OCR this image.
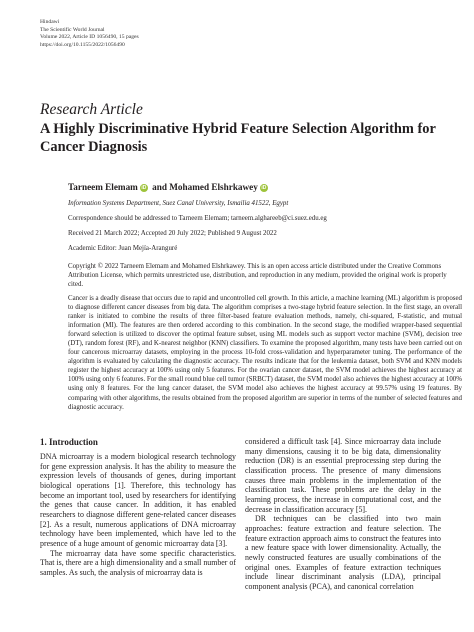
Hindawi
The Scientific World Journal
Volume 2022, Article ID 1056490, 15 pages
https://doi.org/10.1155/2022/1056490
Research Article
A Highly Discriminative Hybrid Feature Selection Algorithm for Cancer Diagnosis
Tarneem Elemam iD and Mohamed Elshrkawey iD
Information Systems Department, Suez Canal University, Ismailia 41522, Egypt
Correspondence should be addressed to Tarneem Elemam; tarneem.alghareeb@ci.suez.edu.eg
Received 21 March 2022; Accepted 20 July 2022; Published 9 August 2022
Academic Editor: Juan Mejía-Aranguré
Copyright © 2022 Tarneem Elemam and Mohamed Elshrkawey. This is an open access article distributed under the Creative Commons Attribution License, which permits unrestricted use, distribution, and reproduction in any medium, provided the original work is properly cited.
Cancer is a deadly disease that occurs due to rapid and uncontrolled cell growth. In this article, a machine learning (ML) algorithm is proposed to diagnose different cancer diseases from big data. The algorithm comprises a two-stage hybrid feature selection. In the first stage, an overall ranker is initiated to combine the results of three filter-based feature evaluation methods, namely, chi-squared, F-statistic, and mutual information (MI). The features are then ordered according to this combination. In the second stage, the modified wrapper-based sequential forward selection is utilized to discover the optimal feature subset, using ML models such as support vector machine (SVM), decision tree (DT), random forest (RF), and K-nearest neighbor (KNN) classifiers. To examine the proposed algorithm, many tests have been carried out on four cancerous microarray datasets, employing in the process 10-fold cross-validation and hyperparameter tuning. The performance of the algorithm is evaluated by calculating the diagnostic accuracy. The results indicate that for the leukemia dataset, both SVM and KNN models register the highest accuracy at 100% using only 5 features. For the ovarian cancer dataset, the SVM model achieves the highest accuracy at 100% using only 6 features. For the small round blue cell tumor (SRBCT) dataset, the SVM model also achieves the highest accuracy at 100% using only 8 features. For the lung cancer dataset, the SVM model also achieves the highest accuracy at 99.57% using 19 features. By comparing with other algorithms, the results obtained from the proposed algorithm are superior in terms of the number of selected features and diagnostic accuracy.
1. Introduction

DNA microarray is a modern biological research technology for gene expression analysis. It has the ability to measure the expression levels of thousands of genes, during important biological operations [1]. Therefore, this technology has become an important tool, used by researchers for identifying the genes that cause cancer. In addition, it has enabled researchers to diagnose different gene-related cancer diseases [2]. As a result, numerous applications of DNA microarray technology have been implemented, which have led to the presence of a huge amount of genomic microarray data [3].

The microarray data have some specific characteristics. That is, there are a high dimensionality and a small number of samples. As such, the analysis of microarray data is

considered a difficult task [4]. Since microarray data include many dimensions, causing it to be big data, dimensionality reduction (DR) is an essential preprocessing step during the classification process. The presence of many dimensions causes three main problems in the implementation of the classification task. These problems are the delay in the learning process, the increase in computational cost, and the decrease in classification accuracy [5].

DR techniques can be classified into two main approaches: feature extraction and feature selection. The feature extraction approach aims to construct the features into a new feature space with lower dimensionality. Actually, the newly constructed features are usually combinations of the original ones. Examples of feature extraction techniques include linear discriminant analysis (LDA), principal component analysis (PCA), and canonical correlation
